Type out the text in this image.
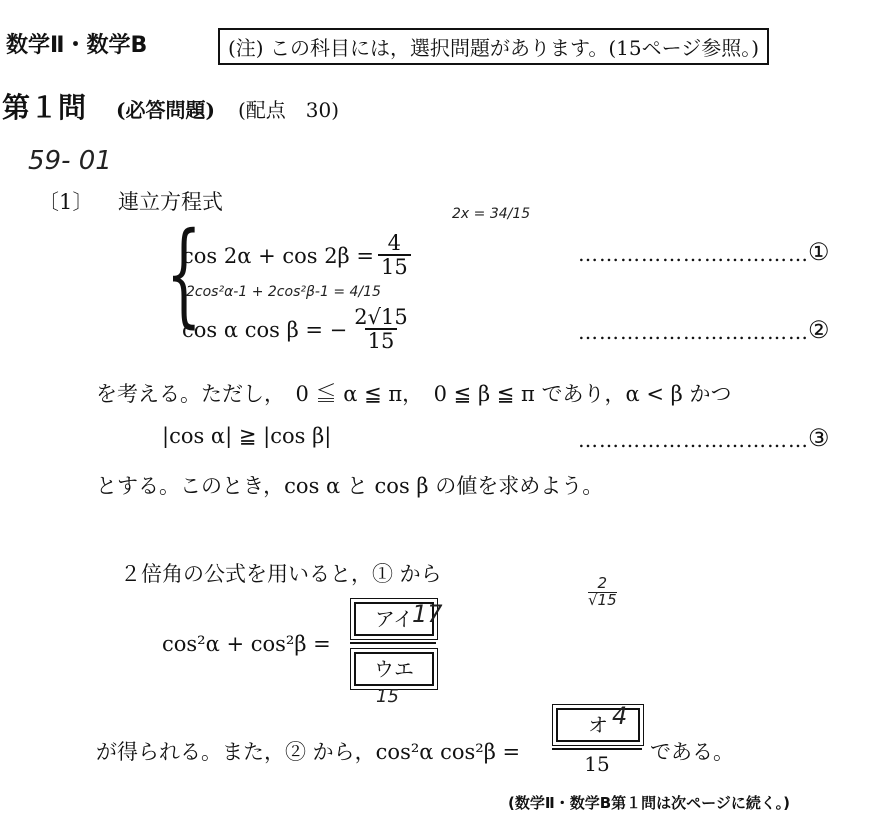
数学Ⅱ・数学B	(注) この科目には，選択問題があります。(15ページ参照。)
第１問 (必答問題) (配点　30)
59- 01
〔1〕 連立方程式
{
$\cos 2\alpha + \cos 2\beta = \frac{4}{15}$
2x = 34/15
…………………………… ①
2cos²α-1 + 2cos²β-1 = 4/15
cos α cos β = − $\frac{2√15}{15}$	…………………………… ②
を考える。ただし，　0 ≦ α ≦ π，　0 ≦ β ≦ π であり，α < β かつ
|cos α| ≧ |cos β|	…………………………… ③
とする。このとき，cos α と cos β の値を求めよう。
２倍角の公式を用いると，① から
$\frac{2}{√15}$
cos²α + cos²β =
アイ
ウエ
17
15
が得られる。また，② から，cos²α cos²β =
オ
15
4
である。
(数学Ⅱ・数学B第１問は次ページに続く。)
